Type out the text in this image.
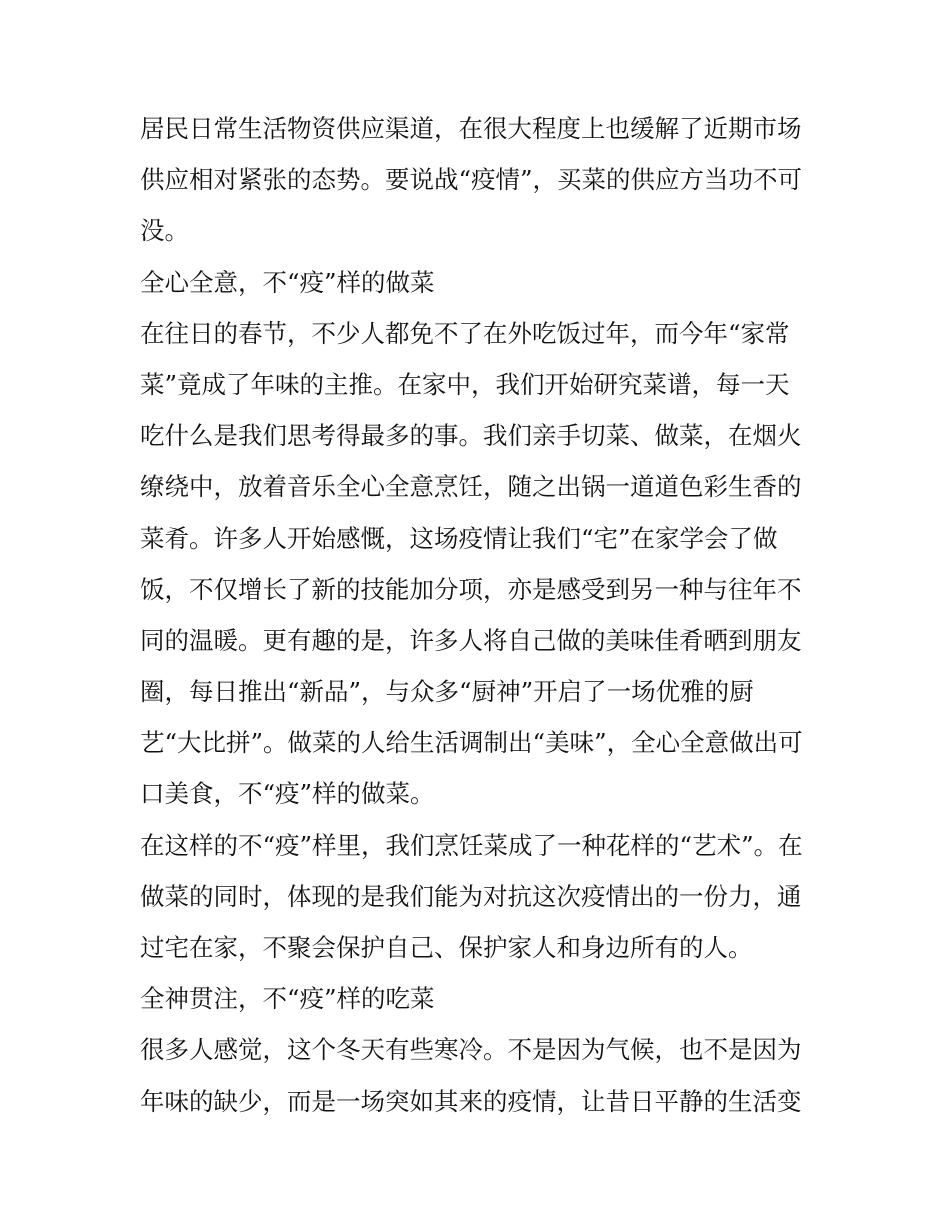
居民日常生活物资供应渠道，在很大程度上也缓解了近期市场
供应相对紧张的态势。要说战“疫情”，买菜的供应方当功不可
没。
全心全意，不“疫”样的做菜
在往日的春节，不少人都免不了在外吃饭过年，而今年“家常
菜”竟成了年味的主推。在家中，我们开始研究菜谱，每一天
吃什么是我们思考得最多的事。我们亲手切菜、做菜，在烟火
缭绕中，放着音乐全心全意烹饪，随之出锅一道道色彩生香的
菜肴。许多人开始感慨，这场疫情让我们“宅”在家学会了做
饭，不仅增长了新的技能加分项，亦是感受到另一种与往年不
同的温暖。更有趣的是，许多人将自己做的美味佳肴晒到朋友
圈，每日推出“新品”，与众多“厨神”开启了一场优雅的厨
艺“大比拼”。做菜的人给生活调制出“美味”，全心全意做出可
口美食，不“疫”样的做菜。
在这样的不“疫”样里，我们烹饪菜成了一种花样的“艺术”。在
做菜的同时，体现的是我们能为对抗这次疫情出的一份力，通
过宅在家，不聚会保护自己、保护家人和身边所有的人。
全神贯注，不“疫”样的吃菜
很多人感觉，这个冬天有些寒冷。不是因为气候，也不是因为
年味的缺少，而是一场突如其来的疫情，让昔日平静的生活变
